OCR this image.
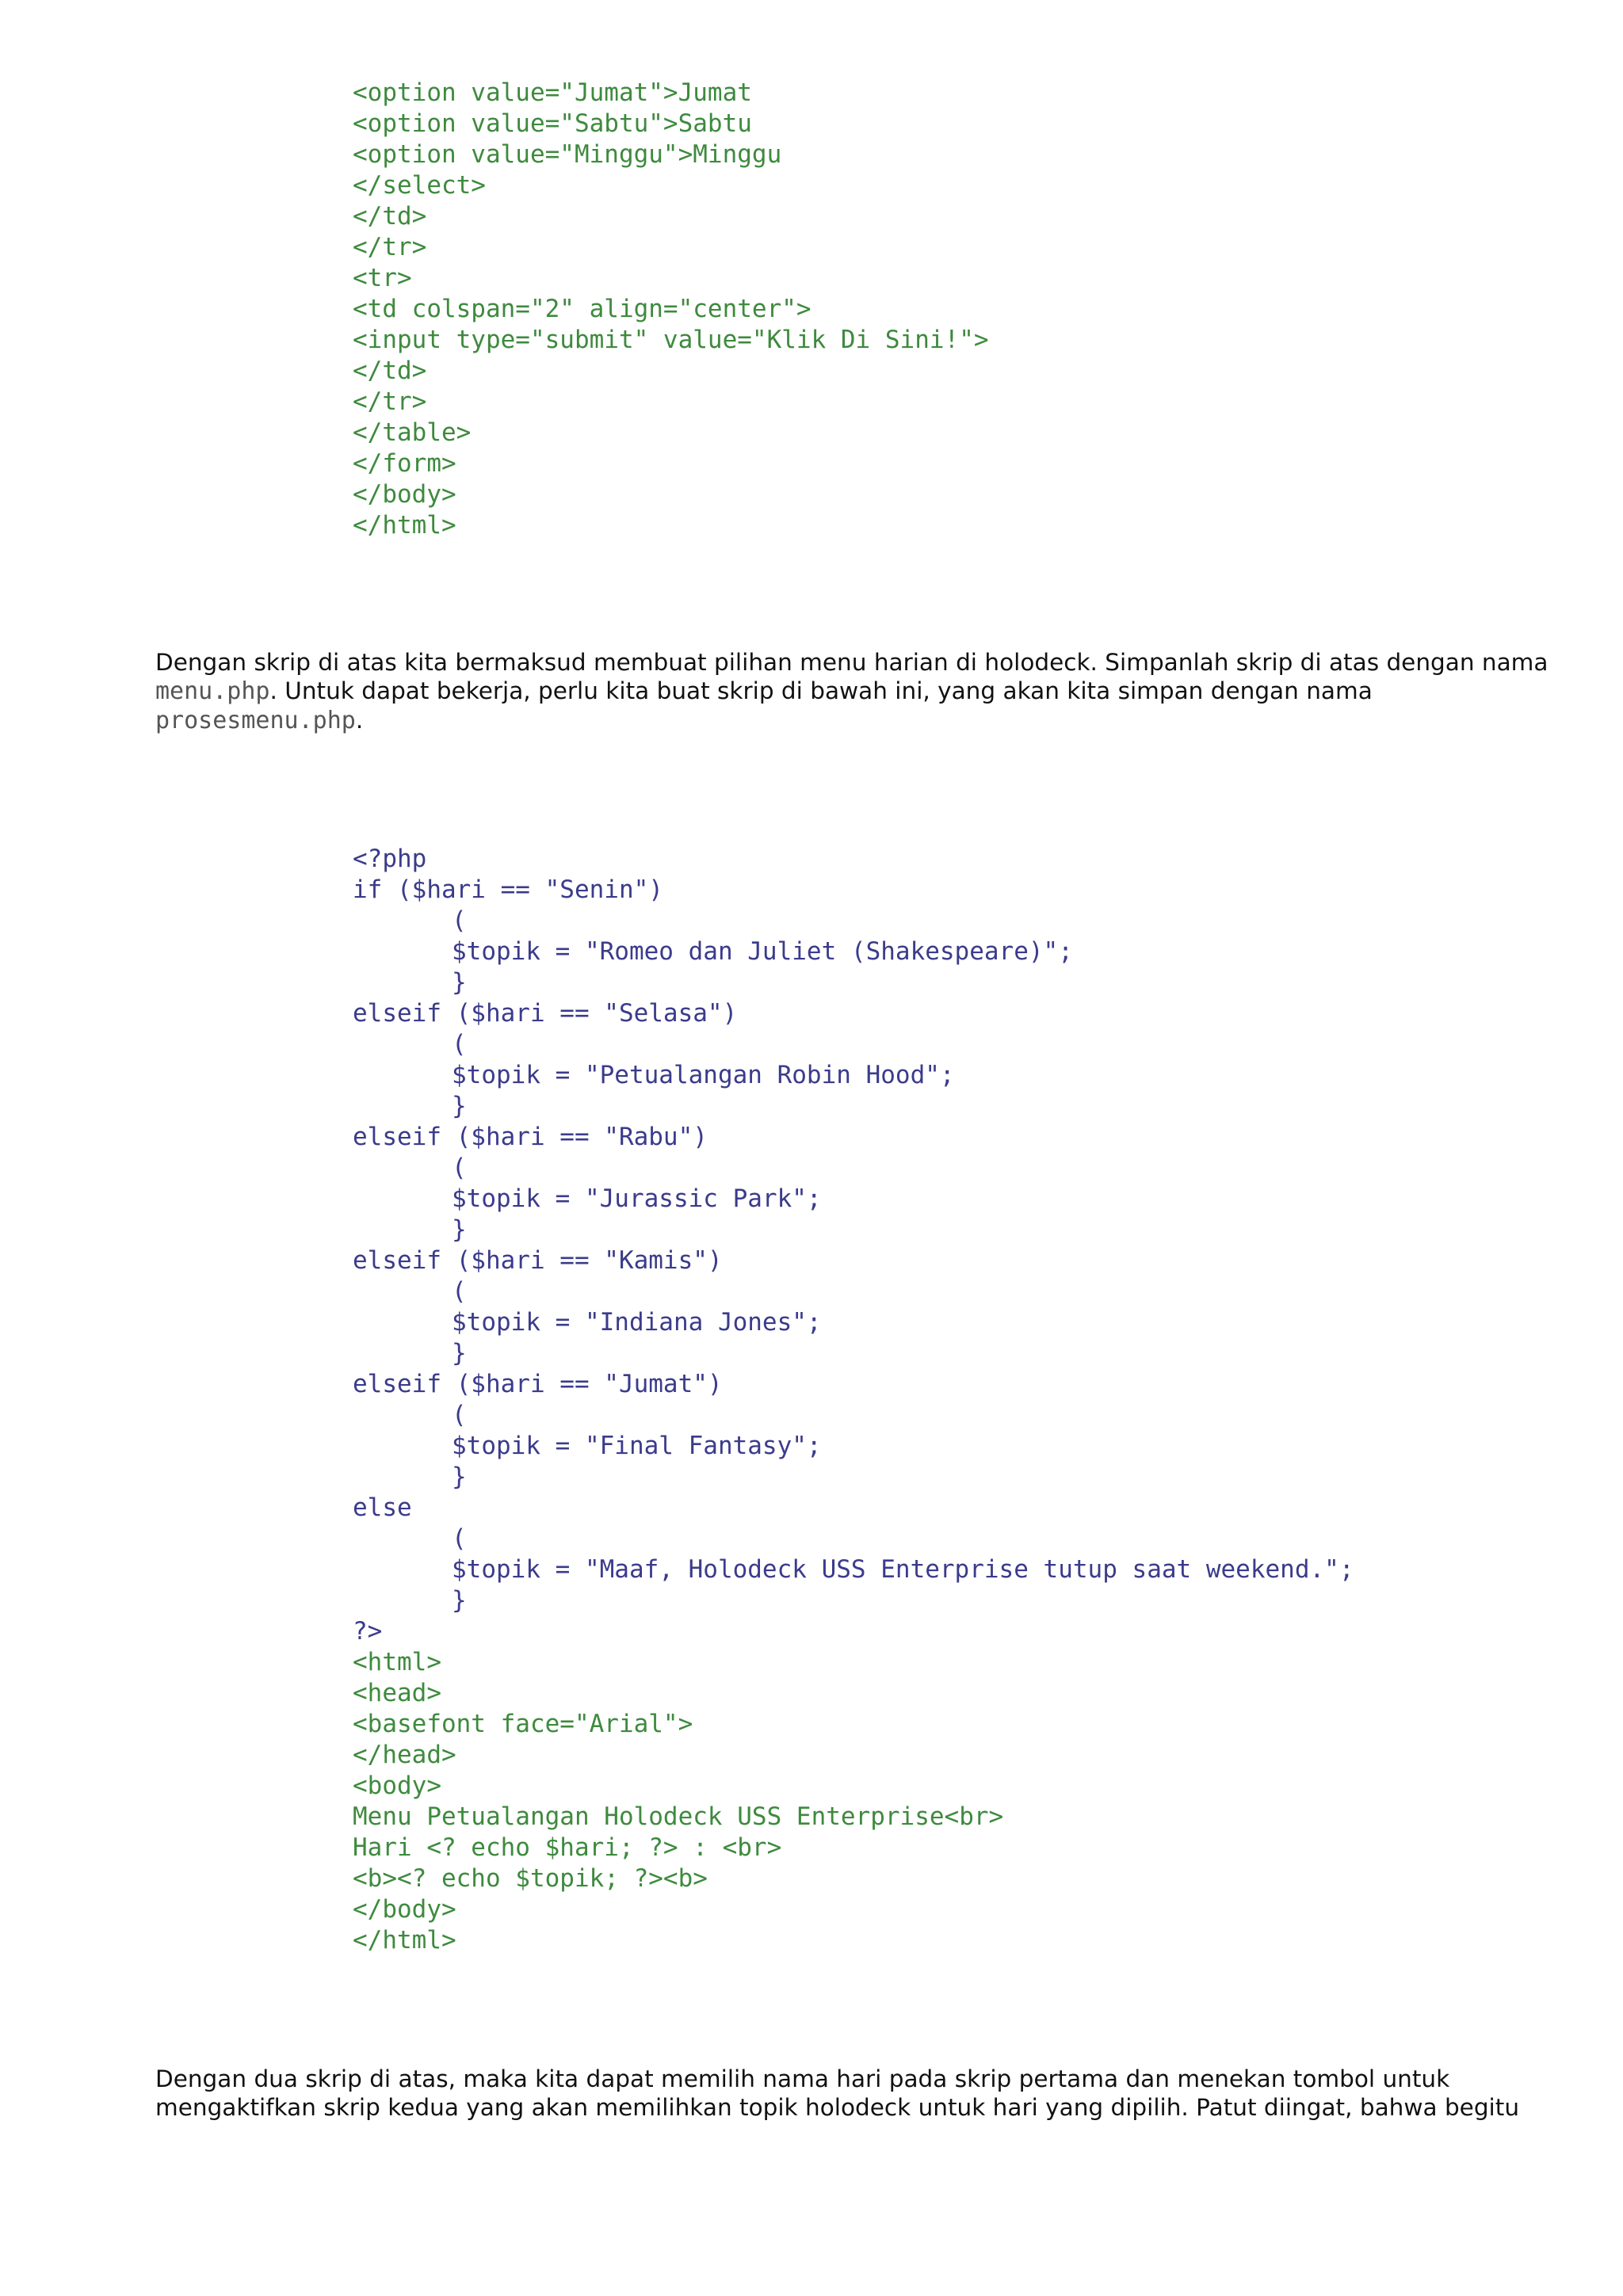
<option value="Jumat">Jumat
<option value="Sabtu">Sabtu
<option value="Minggu">Minggu
</select>
</td>
</tr>
<tr>
<td colspan="2" align="center">
<input type="submit" value="Klik Di Sini!">
</td>
</tr>
</table>
</form>
</body>
</html>

Dengan skrip di atas kita bermaksud membuat pilihan menu harian di holodeck. Simpanlah skrip di atas dengan nama menu.php. Untuk dapat bekerja, perlu kita buat skrip di bawah ini, yang akan kita simpan dengan nama prosesmenu.php.

<?php
if ($hari == "Senin")
(
$topik = "Romeo dan Juliet (Shakespeare)";
}
elseif ($hari == "Selasa")
(
$topik = "Petualangan Robin Hood";
}
elseif ($hari == "Rabu")
(
$topik = "Jurassic Park";
}
elseif ($hari == "Kamis")
(
$topik = "Indiana Jones";
}
elseif ($hari == "Jumat")
(
$topik = "Final Fantasy";
}
else
(
$topik = "Maaf, Holodeck USS Enterprise tutup saat weekend.";
}
?>
<html>
<head>
<basefont face="Arial">
</head>
<body>
Menu Petualangan Holodeck USS Enterprise<br>
Hari <? echo $hari; ?> : <br>
<b><? echo $topik; ?><b>
</body>
</html>

Dengan dua skrip di atas, maka kita dapat memilih nama hari pada skrip pertama dan menekan tombol untuk mengaktifkan skrip kedua yang akan memilihkan topik holodeck untuk hari yang dipilih. Patut diingat, bahwa begitu
